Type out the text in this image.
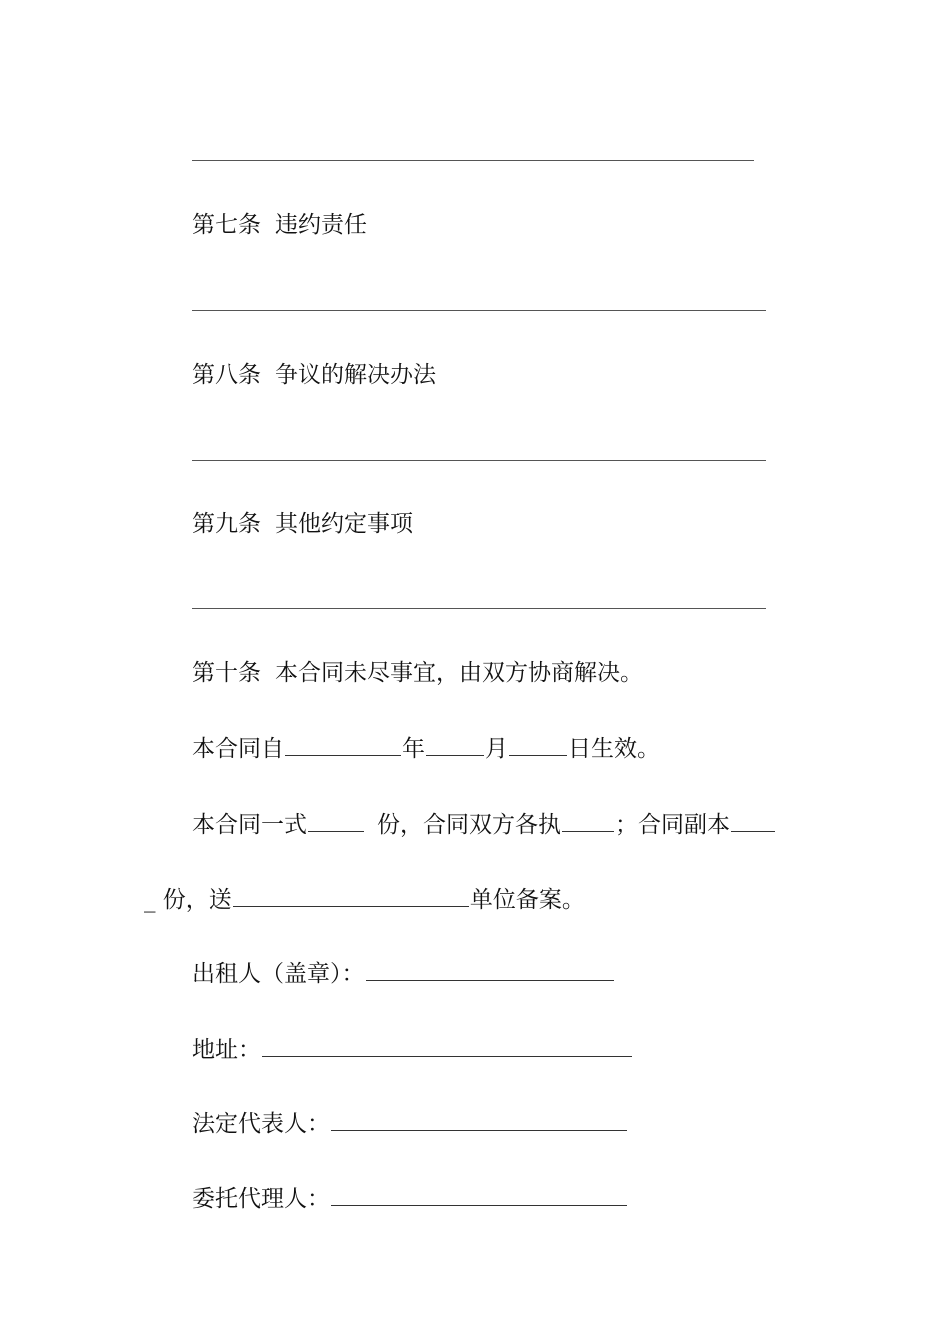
第七条 违约责任
第八条 争议的解决办法
第九条 其他约定事项
第十条 本合同未尽事宜，由双方协商解决。
本合同自	年	月	日生效。
本合同一式	份，合同双方各执 ；合同副本
_ 份，送	单位备案。
出租人（盖章）：
地址：
法定代表人：
委托代理人：
